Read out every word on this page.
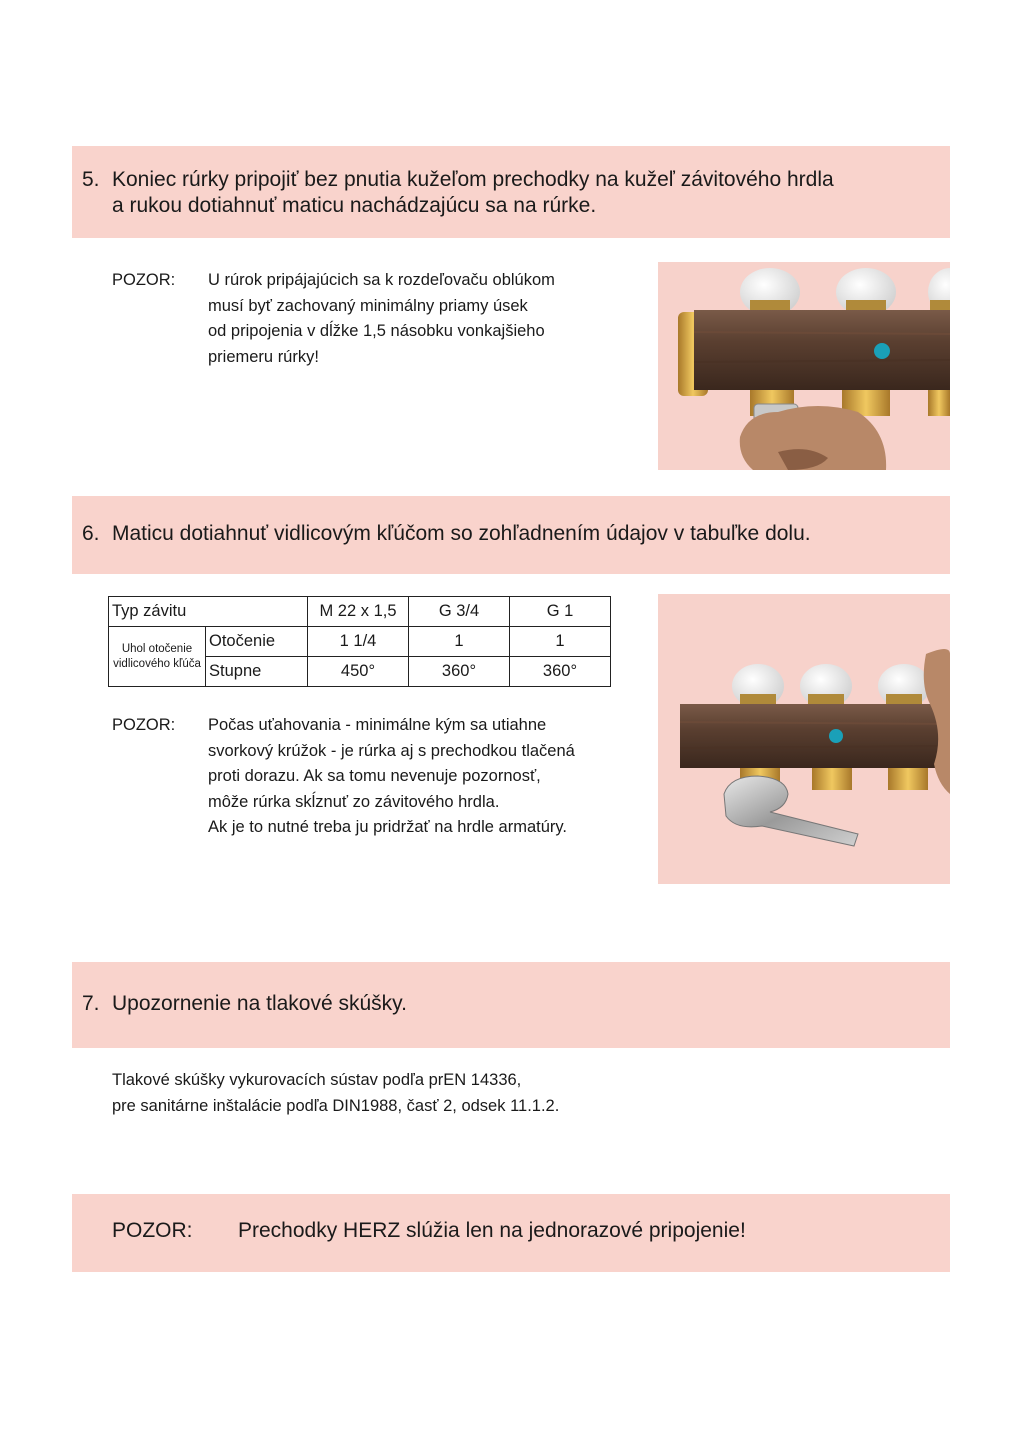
5. Koniec rúrky pripojiť bez pnutia kužeľom prechodky na kužeľ závitového hrdla
a rukou dotiahnuť maticu nachádzajúcu sa na rúrke.
POZOR: U rúrok pripájajúcich sa k rozdeľovaču oblúkom
musí byť zachovaný minimálny priamy úsek
od pripojenia v dĺžke 1,5 násobku vonkajšieho
priemeru rúrky!
6. Maticu dotiahnuť vidlicovým kľúčom so zohľadnením údajov v tabuľke dolu.
Typ závitu		M 22 x 1,5	G 3/4	G 1
Uhol otočenie vidlicového kľúča	Otočenie	1 1/4	1	1
	Stupne	450°	360°	360°
POZOR: Počas uťahovania - minimálne kým sa utiahne
svorkový krúžok - je rúrka aj s prechodkou tlačená
proti dorazu. Ak sa tomu nevenuje pozornosť,
môže rúrka skĺznuť zo závitového hrdla.
Ak je to nutné treba ju pridržať na hrdle armatúry.
7. Upozornenie na tlakové skúšky.
Tlakové skúšky vykurovacích sústav podľa prEN 14336,
pre sanitárne inštalácie podľa DIN1988, časť 2, odsek 11.1.2.
POZOR: Prechodky HERZ slúžia len na jednorazové pripojenie!
